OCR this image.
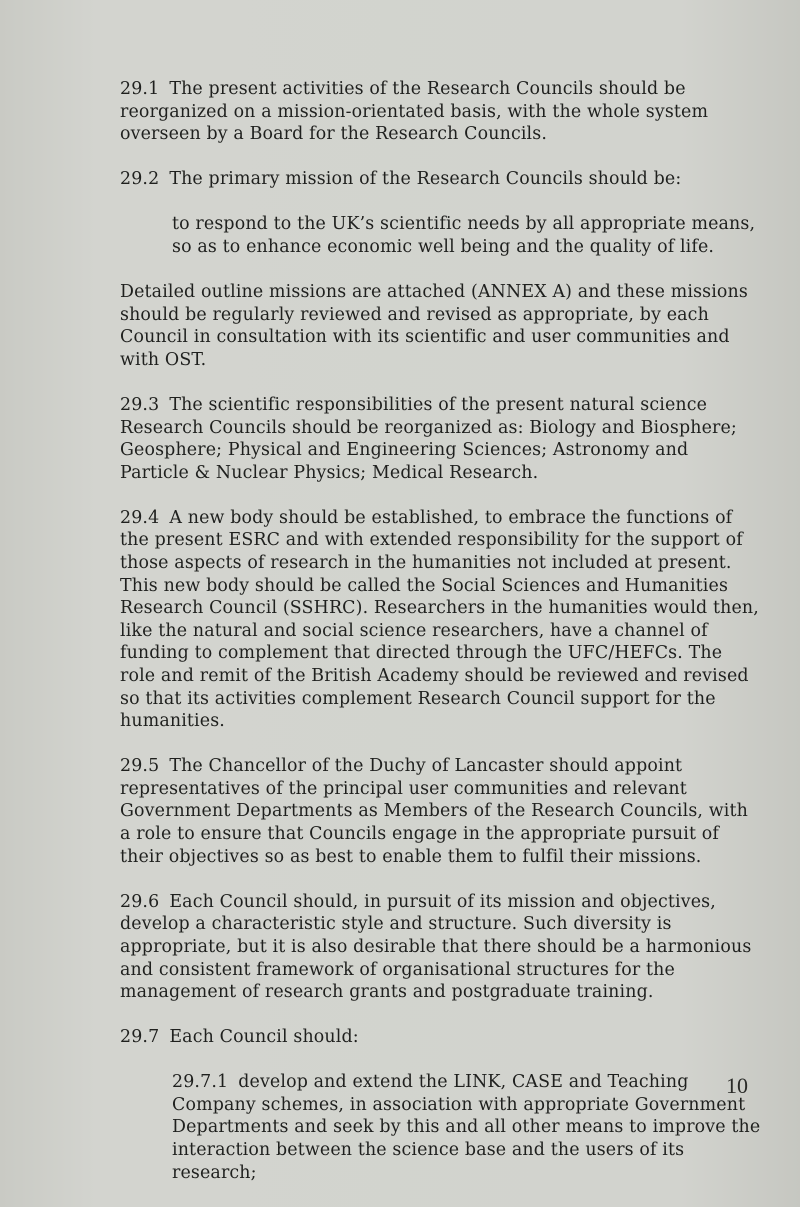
29.1 The present activities of the Research Councils should be reorganized on a mission-orientated basis, with the whole system overseen by a Board for the Research Councils.

29.2 The primary mission of the Research Councils should be:

to respond to the UK’s scientific needs by all appropriate means, so as to enhance economic well being and the quality of life.

Detailed outline missions are attached (ANNEX A) and these missions should be regularly reviewed and revised as appropriate, by each Council in consultation with its scientific and user communities and with OST.

29.3 The scientific responsibilities of the present natural science Research Councils should be reorganized as: Biology and Biosphere; Geosphere; Physical and Engineering Sciences; Astronomy and Particle & Nuclear Physics; Medical Research.

29.4 A new body should be established, to embrace the functions of the present ESRC and with extended responsibility for the support of those aspects of research in the humanities not included at present. This new body should be called the Social Sciences and Humanities Research Council (SSHRC). Researchers in the humanities would then, like the natural and social science researchers, have a channel of funding to complement that directed through the UFC/HEFCs. The role and remit of the British Academy should be reviewed and revised so that its activities complement Research Council support for the humanities.

29.5 The Chancellor of the Duchy of Lancaster should appoint representatives of the principal user communities and relevant Government Departments as Members of the Research Councils, with a role to ensure that Councils engage in the appropriate pursuit of their objectives so as best to enable them to fulfil their missions.

29.6 Each Council should, in pursuit of its mission and objectives, develop a characteristic style and structure. Such diversity is appropriate, but it is also desirable that there should be a harmonious and consistent framework of organisational structures for the management of research grants and postgraduate training.

29.7 Each Council should:

29.7.1 develop and extend the LINK, CASE and Teaching Company schemes, in association with appropriate Government Departments and seek by this and all other means to improve the interaction between the science base and the users of its research;

10
